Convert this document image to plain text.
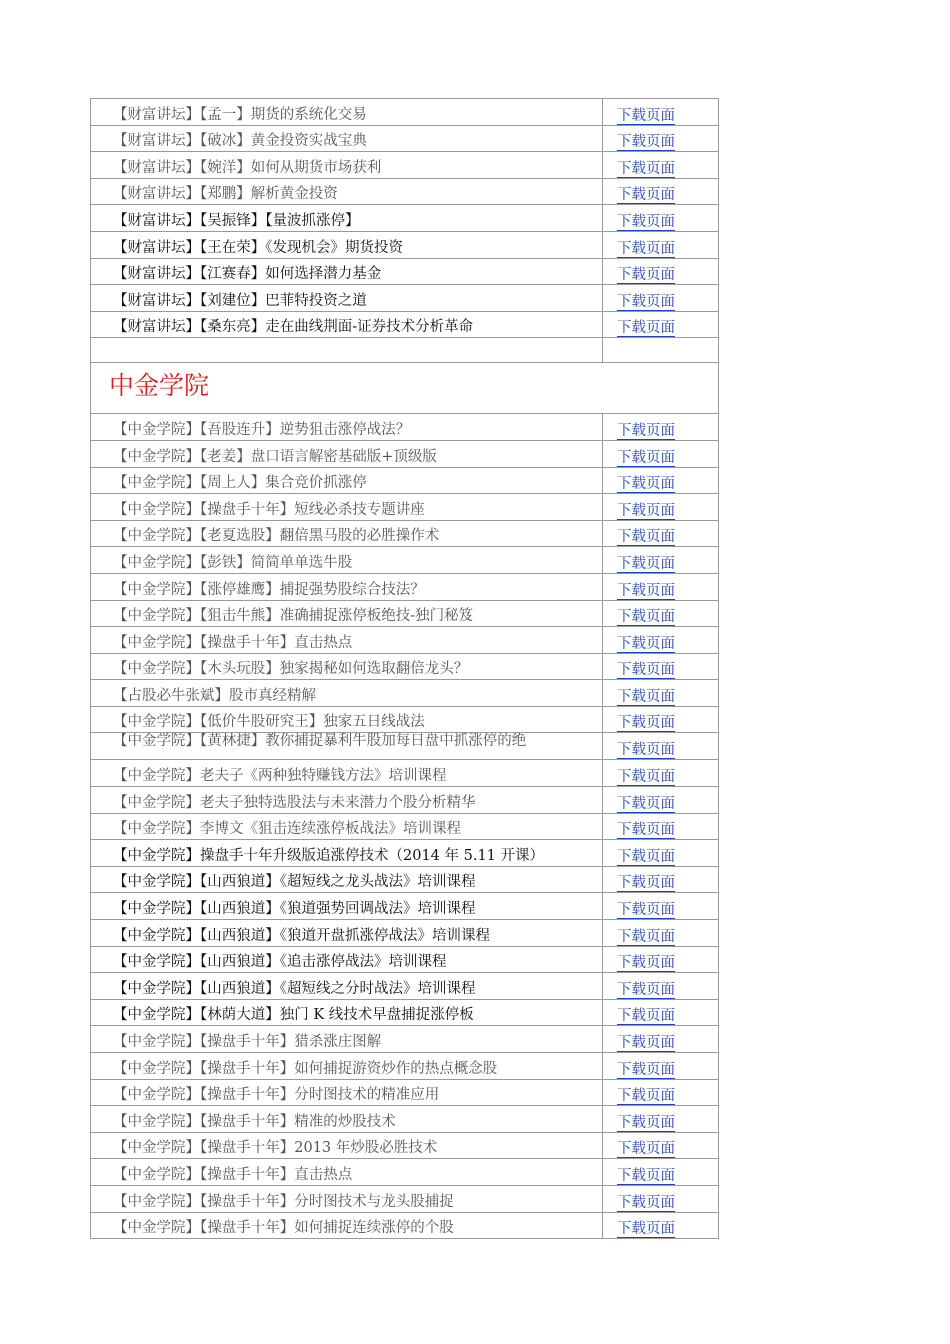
【财富讲坛】【孟一】期货的系统化交易	下载页面
【财富讲坛】【破冰】黄金投资实战宝典	下载页面
【财富讲坛】【婉洋】如何从期货市场获利	下载页面
【财富讲坛】【郑鹏】解析黄金投资	下载页面
【财富讲坛】【吴振锋】【量波抓涨停】	下载页面
【财富讲坛】【王在荣】《发现机会》期货投资	下载页面
【财富讲坛】【江赛春】如何选择潜力基金	下载页面
【财富讲坛】【刘建位】巴菲特投资之道	下载页面
【财富讲坛】【桑东亮】走在曲线荆面-证券技术分析革命	下载页面

中金学院	
【中金学院】【吾股连升】逆势狙击涨停战法？	下载页面
【中金学院】【老姜】盘口语言解密基础版+顶级版	下载页面
【中金学院】【周上人】集合竞价抓涨停	下载页面
【中金学院】【操盘手十年】短线必杀技专题讲座	下载页面
【中金学院】【老夏选股】翻倍黑马股的必胜操作术	下载页面
【中金学院】【彭铁】简简单单选牛股	下载页面
【中金学院】【涨停雄鹰】捕捉强势股综合技法？	下载页面
【中金学院】【狙击牛熊】准确捕捉涨停板绝技-独门秘笈	下载页面
【中金学院】【操盘手十年】直击热点	下载页面
【中金学院】【木头玩股】独家揭秘如何选取翻倍龙头？	下载页面
【占股必牛张斌】股市真经精解	下载页面
【中金学院】【低价牛股研究王】独家五日线战法	下载页面
【中金学院】【黄林捷】教你捕捉暴利牛股加每日盘中抓涨停的绝	下载页面
【中金学院】老夫子《两种独特赚钱方法》培训课程	下载页面
【中金学院】老夫子独特选股法与未来潜力个股分析精华	下载页面
【中金学院】李博文《狙击连续涨停板战法》培训课程	下载页面
【中金学院】操盘手十年升级版追涨停技术（2014 年 5.11 开课）	下载页面
【中金学院】【山西狼道】《超短线之龙头战法》培训课程	下载页面
【中金学院】【山西狼道】《狼道强势回调战法》培训课程	下载页面
【中金学院】【山西狼道】《狼道开盘抓涨停战法》培训课程	下载页面
【中金学院】【山西狼道】《追击涨停战法》培训课程	下载页面
【中金学院】【山西狼道】《超短线之分时战法》培训课程	下载页面
【中金学院】【林荫大道】独门 K 线技术早盘捕捉涨停板	下载页面
【中金学院】【操盘手十年】猎杀涨庄图解	下载页面
【中金学院】【操盘手十年】如何捕捉游资炒作的热点概念股	下载页面
【中金学院】【操盘手十年】分时图技术的精准应用	下载页面
【中金学院】【操盘手十年】精准的炒股技术	下载页面
【中金学院】【操盘手十年】2013 年炒股必胜技术	下载页面
【中金学院】【操盘手十年】直击热点	下载页面
【中金学院】【操盘手十年】分时图技术与龙头股捕捉	下载页面
【中金学院】【操盘手十年】如何捕捉连续涨停的个股	下载页面
